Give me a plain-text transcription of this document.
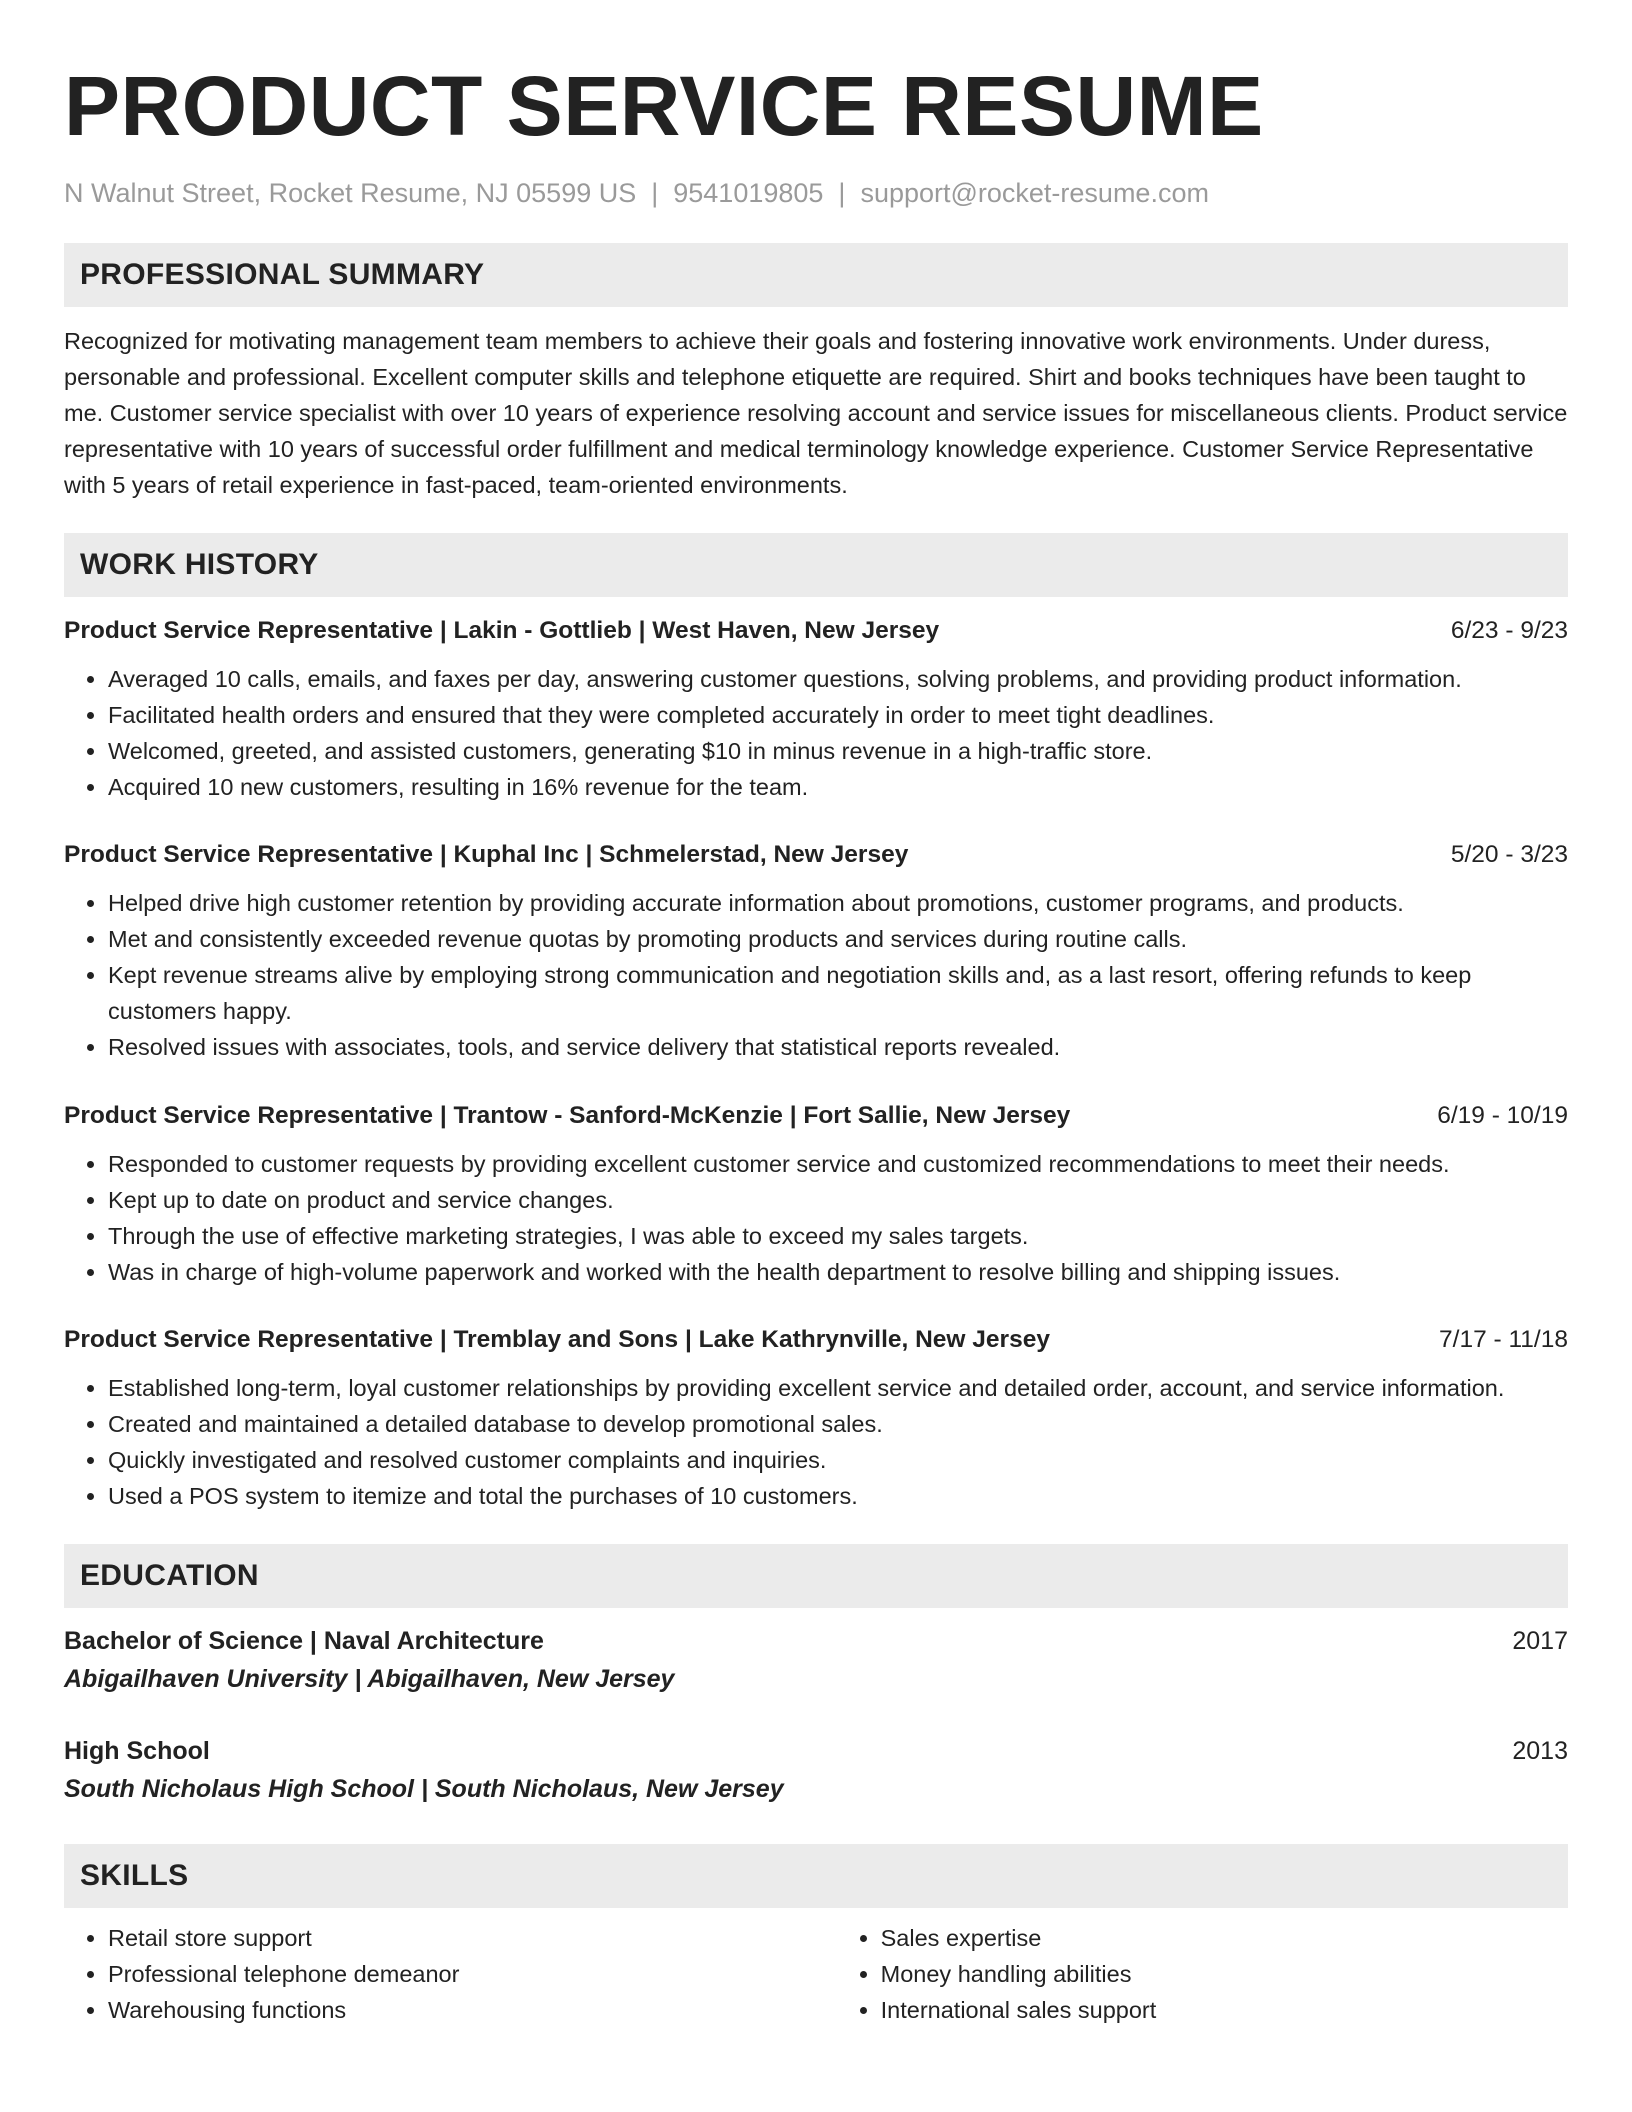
PRODUCT SERVICE RESUME
N Walnut Street, Rocket Resume, NJ 05599 US | 9541019805 | support@rocket-resume.com
PROFESSIONAL SUMMARY
Recognized for motivating management team members to achieve their goals and fostering innovative work environments. Under duress, personable and professional. Excellent computer skills and telephone etiquette are required. Shirt and books techniques have been taught to me. Customer service specialist with over 10 years of experience resolving account and service issues for miscellaneous clients. Product service representative with 10 years of successful order fulfillment and medical terminology knowledge experience. Customer Service Representative with 5 years of retail experience in fast-paced, team-oriented environments.
WORK HISTORY
Product Service Representative | Lakin - Gottlieb | West Haven, New Jersey	6/23 - 9/23
• Averaged 10 calls, emails, and faxes per day, answering customer questions, solving problems, and providing product information.
• Facilitated health orders and ensured that they were completed accurately in order to meet tight deadlines.
• Welcomed, greeted, and assisted customers, generating $10 in minus revenue in a high-traffic store.
• Acquired 10 new customers, resulting in 16% revenue for the team.
Product Service Representative | Kuphal Inc | Schmelerstad, New Jersey	5/20 - 3/23
• Helped drive high customer retention by providing accurate information about promotions, customer programs, and products.
• Met and consistently exceeded revenue quotas by promoting products and services during routine calls.
• Kept revenue streams alive by employing strong communication and negotiation skills and, as a last resort, offering refunds to keep customers happy.
• Resolved issues with associates, tools, and service delivery that statistical reports revealed.
Product Service Representative | Trantow - Sanford-McKenzie | Fort Sallie, New Jersey	6/19 - 10/19
• Responded to customer requests by providing excellent customer service and customized recommendations to meet their needs.
• Kept up to date on product and service changes.
• Through the use of effective marketing strategies, I was able to exceed my sales targets.
• Was in charge of high-volume paperwork and worked with the health department to resolve billing and shipping issues.
Product Service Representative | Tremblay and Sons | Lake Kathrynville, New Jersey	7/17 - 11/18
• Established long-term, loyal customer relationships by providing excellent service and detailed order, account, and service information.
• Created and maintained a detailed database to develop promotional sales.
• Quickly investigated and resolved customer complaints and inquiries.
• Used a POS system to itemize and total the purchases of 10 customers.
EDUCATION
Bachelor of Science | Naval Architecture	2017
Abigailhaven University | Abigailhaven, New Jersey
High School	2013
South Nicholaus High School | South Nicholaus, New Jersey
SKILLS
• Retail store support
• Professional telephone demeanor
• Warehousing functions
• Sales expertise
• Money handling abilities
• International sales support
